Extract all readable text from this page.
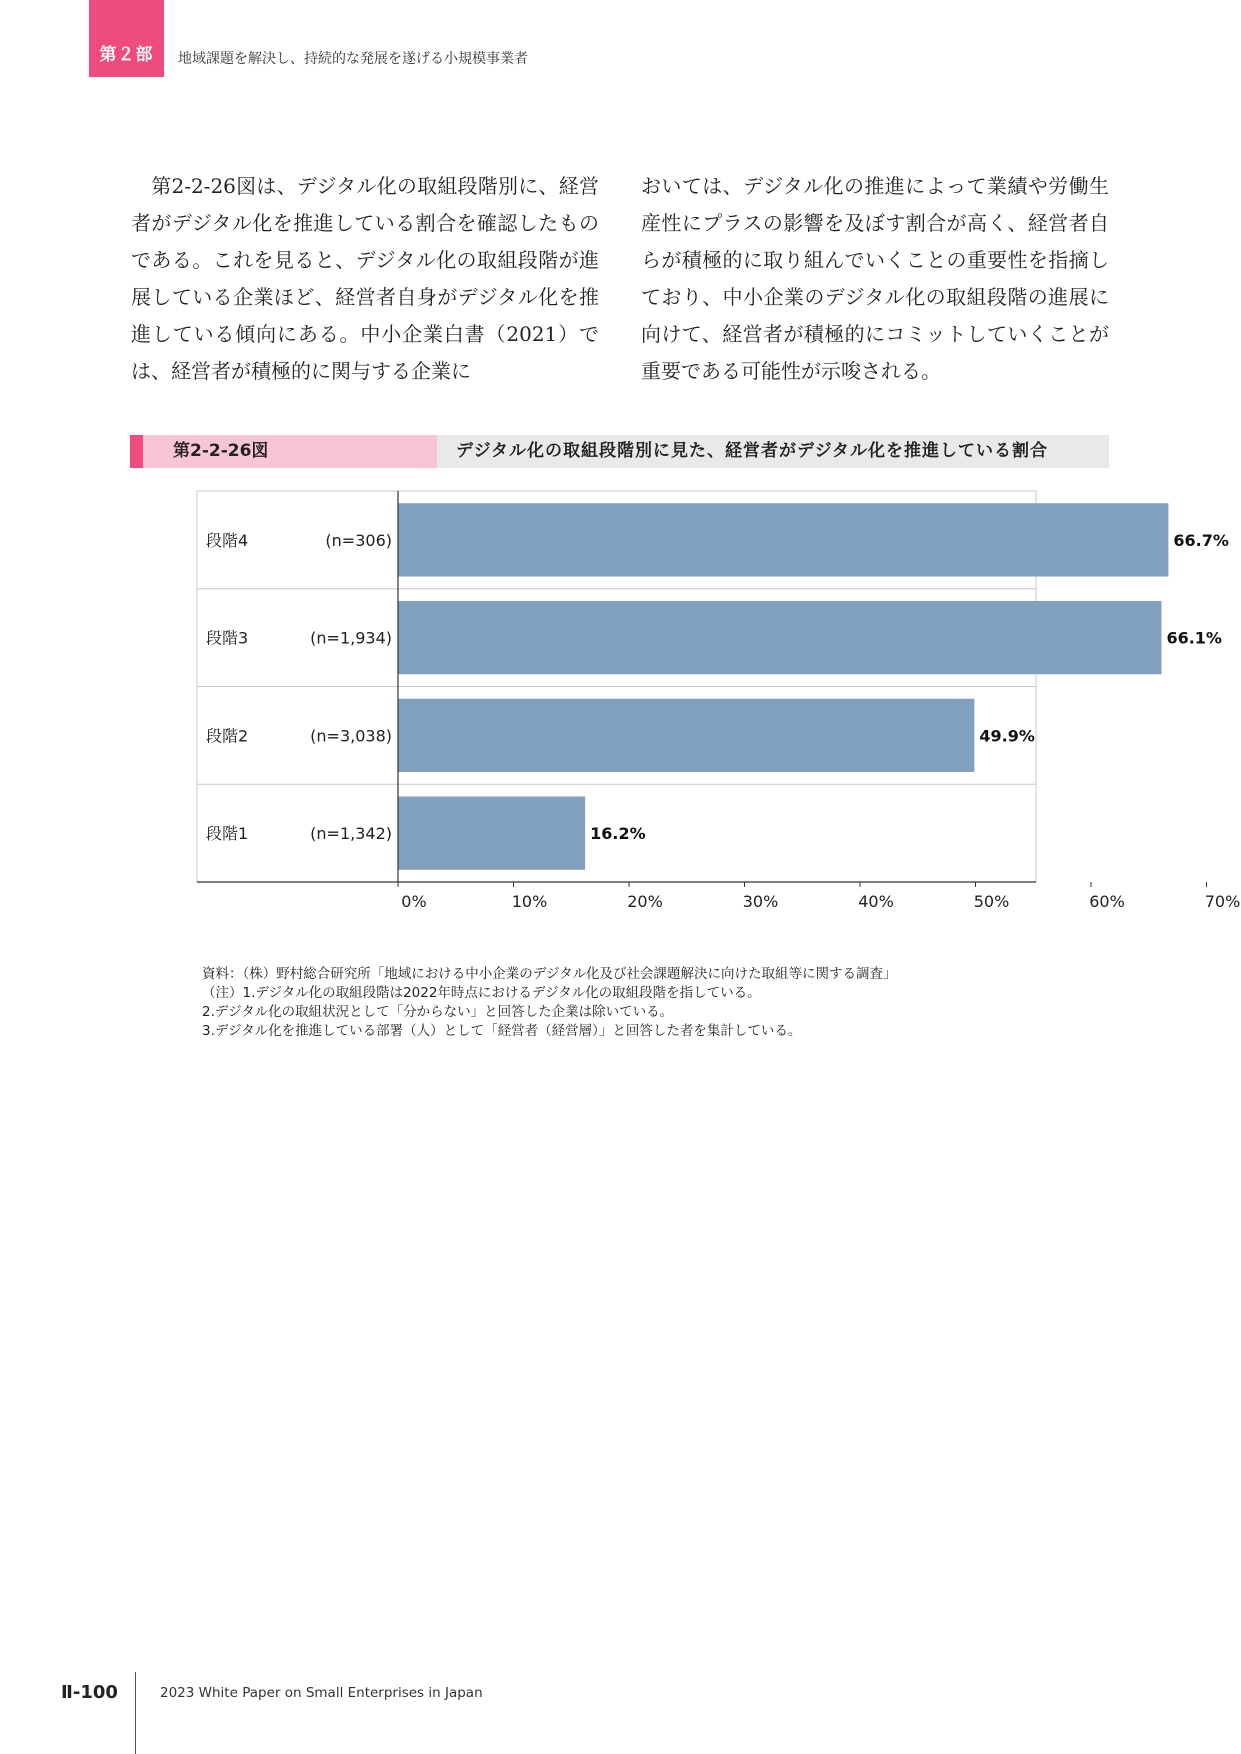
第２部	地域課題を解決し、持続的な発展を遂げる小規模事業者

　第2-2-26図は、デジタル化の取組段階別に、経営者がデジタル化を推進している割合を確認したものである。これを見ると、デジタル化の取組段階が進展している企業ほど、経営者自身がデジタル化を推進している傾向にある。中小企業白書（2021）では、経営者が積極的に関与する企業に

おいては、デジタル化の推進によって業績や労働生産性にプラスの影響を及ぼす割合が高く、経営者自らが積極的に取り組んでいくことの重要性を指摘しており、中小企業のデジタル化の取組段階の進展に向けて、経営者が積極的にコミットしていくことが重要である可能性が示唆される。

第2-2-26図	デジタル化の取組段階別に見た、経営者がデジタル化を推進している割合
段階4	(n=306)	66.7%
段階3	(n=1,934)	66.1%
段階2	(n=3,038)	49.9%
段階1	(n=1,342)	16.2%
0%	10%	20%	30%	40%	50%	60%	70%
資料：（株）野村総合研究所「地域における中小企業のデジタル化及び社会課題解決に向けた取組等に関する調査」
（注）1.デジタル化の取組段階は2022年時点におけるデジタル化の取組段階を指している。
2.デジタル化の取組状況として「分からない」と回答した企業は除いている。
3.デジタル化を推進している部署（人）として「経営者（経営層）」と回答した者を集計している。
Ⅱ-100	2023 White Paper on Small Enterprises in Japan
